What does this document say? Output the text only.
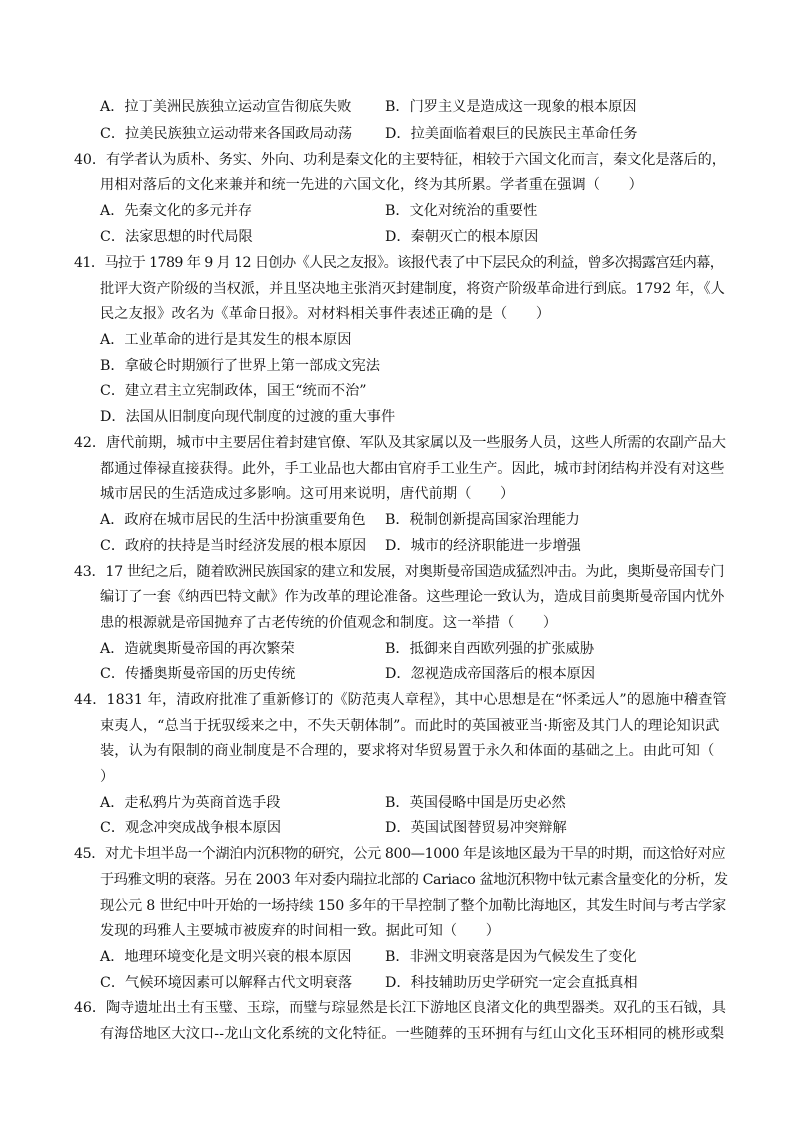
A．拉丁美洲民族独立运动宣告彻底失败 B．门罗主义是造成这一现象的根本原因
C．拉美民族独立运动带来各国政局动荡 D．拉美面临着艰巨的民族民主革命任务
40．有学者认为质朴、务实、外向、功利是秦文化的主要特征，相较于六国文化而言，秦文化是落后的，
用相对落后的文化来兼并和统一先进的六国文化，终为其所累。学者重在强调（　　）
A．先秦文化的多元并存	B．文化对统治的重要性
C．法家思想的时代局限	D．秦朝灭亡的根本原因
41．马拉于 1789 年 9 月 12 日创办《人民之友报》。该报代表了中下层民众的利益，曾多次揭露宫廷内幕，
批评大资产阶级的当权派，并且坚决地主张消灭封建制度，将资产阶级革命进行到底。1792 年，《人
民之友报》改名为《革命日报》。对材料相关事件表述正确的是（　　）
A．工业革命的进行是其发生的根本原因
B．拿破仑时期颁行了世界上第一部成文宪法
C．建立君主立宪制政体，国王“统而不治”
D．法国从旧制度向现代制度的过渡的重大事件
42．唐代前期，城市中主要居住着封建官僚、军队及其家属以及一些服务人员，这些人所需的农副产品大
都通过俸禄直接获得。此外，手工业品也大都由官府手工业生产。因此，城市封闭结构并没有对这些
城市居民的生活造成过多影响。这可用来说明，唐代前期（　　）
A．政府在城市居民的生活中扮演重要角色 B．税制创新提高国家治理能力
C．政府的扶持是当时经济发展的根本原因 D．城市的经济职能进一步增强
43．17 世纪之后，随着欧洲民族国家的建立和发展，对奥斯曼帝国造成猛烈冲击。为此，奥斯曼帝国专门
编订了一套《纳西巴特文献》作为改革的理论准备。这些理论一致认为，造成目前奥斯曼帝国内忧外
患的根源就是帝国抛弃了古老传统的价值观念和制度。这一举措（　　）
A．造就奥斯曼帝国的再次繁荣	B．抵御来自西欧列强的扩张威胁
C．传播奥斯曼帝国的历史传统	D．忽视造成帝国落后的根本原因
44．1831 年，清政府批准了重新修订的《防范夷人章程》，其中心思想是在“怀柔远人”的恩施中稽查管
束夷人，“总当于抚驭绥来之中，不失天朝体制”。而此时的英国被亚当·斯密及其门人的理论知识武
装，认为有限制的商业制度是不合理的，要求将对华贸易置于永久和体面的基础之上。由此可知（
）
A．走私鸦片为英商首选手段	B．英国侵略中国是历史必然
C．观念冲突成战争根本原因	D．英国试图替贸易冲突辩解
45．对尤卡坦半岛一个湖泊内沉积物的研究，公元 800—1000 年是该地区最为干旱的时期，而这恰好对应
于玛雅文明的衰落。另在 2003 年对委内瑞拉北部的 Cariaco 盆地沉积物中钛元素含量变化的分析，发
现公元 8 世纪中叶开始的一场持续 150 多年的干旱控制了整个加勒比海地区，其发生时间与考古学家
发现的玛雅人主要城市被废弃的时间相一致。据此可知（　　）
A．地理环境变化是文明兴衰的根本原因 B．非洲文明衰落是因为气候发生了变化
C．气候环境因素可以解释古代文明衰落 D．科技辅助历史学研究一定会直抵真相
46．陶寺遗址出土有玉璧、玉琮，而璧与琮显然是长江下游地区良渚文化的典型器类。双孔的玉石钺，具
有海岱地区大汶口--龙山文化系统的文化特征。一些随葬的玉环拥有与红山文化玉环相同的桃形或梨
